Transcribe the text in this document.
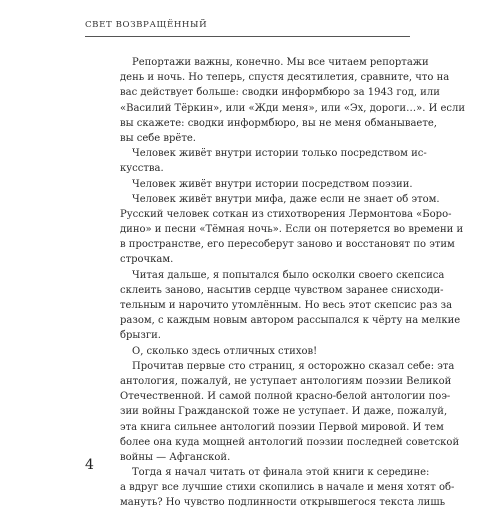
СВЕТ ВОЗВРАЩЁННЫЙ
Репортажи важны, конечно. Мы все читаем репортажи
день и ночь. Но теперь, спустя десятилетия, сравните, что на
вас действует больше: сводки информбюро за 1943 год, или
«Василий Тёркин», или «Жди меня», или «Эх, дороги…». И если
вы скажете: сводки информбюро, вы не меня обманываете,
вы себе врёте.
Человек живёт внутри истории только посредством ис-
кусства.
Человек живёт внутри истории посредством поэзии.
Человек живёт внутри мифа, даже если не знает об этом.
Русский человек соткан из стихотворения Лермонтова «Боро-
дино» и песни «Тёмная ночь». Если он потеряется во времени и
в пространстве, его пересоберут заново и восстановят по этим
строчкам.
Читая дальше, я попытался было осколки своего скепсиса
склеить заново, насытив сердце чувством заранее снисходи-
тельным и нарочито утомлённым. Но весь этот скепсис раз за
разом, с каждым новым автором рассыпался к чёрту на мелкие
брызги.
О, сколько здесь отличных стихов!
Прочитав первые сто страниц, я осторожно сказал себе: эта
антология, пожалуй, не уступает антологиям поэзии Великой
Отечественной. И самой полной красно-белой антологии поэ-
зии войны Гражданской тоже не уступает. И даже, пожалуй,
эта книга сильнее антологий поэзии Первой мировой. И тем
более она куда мощней антологий поэзии последней советской
войны — Афганской.
Тогда я начал читать от финала этой книги к середине:
а вдруг все лучшие стихи скопились в начале и меня хотят об-
мануть? Но чувство подлинности открывшегося текста лишь
4
